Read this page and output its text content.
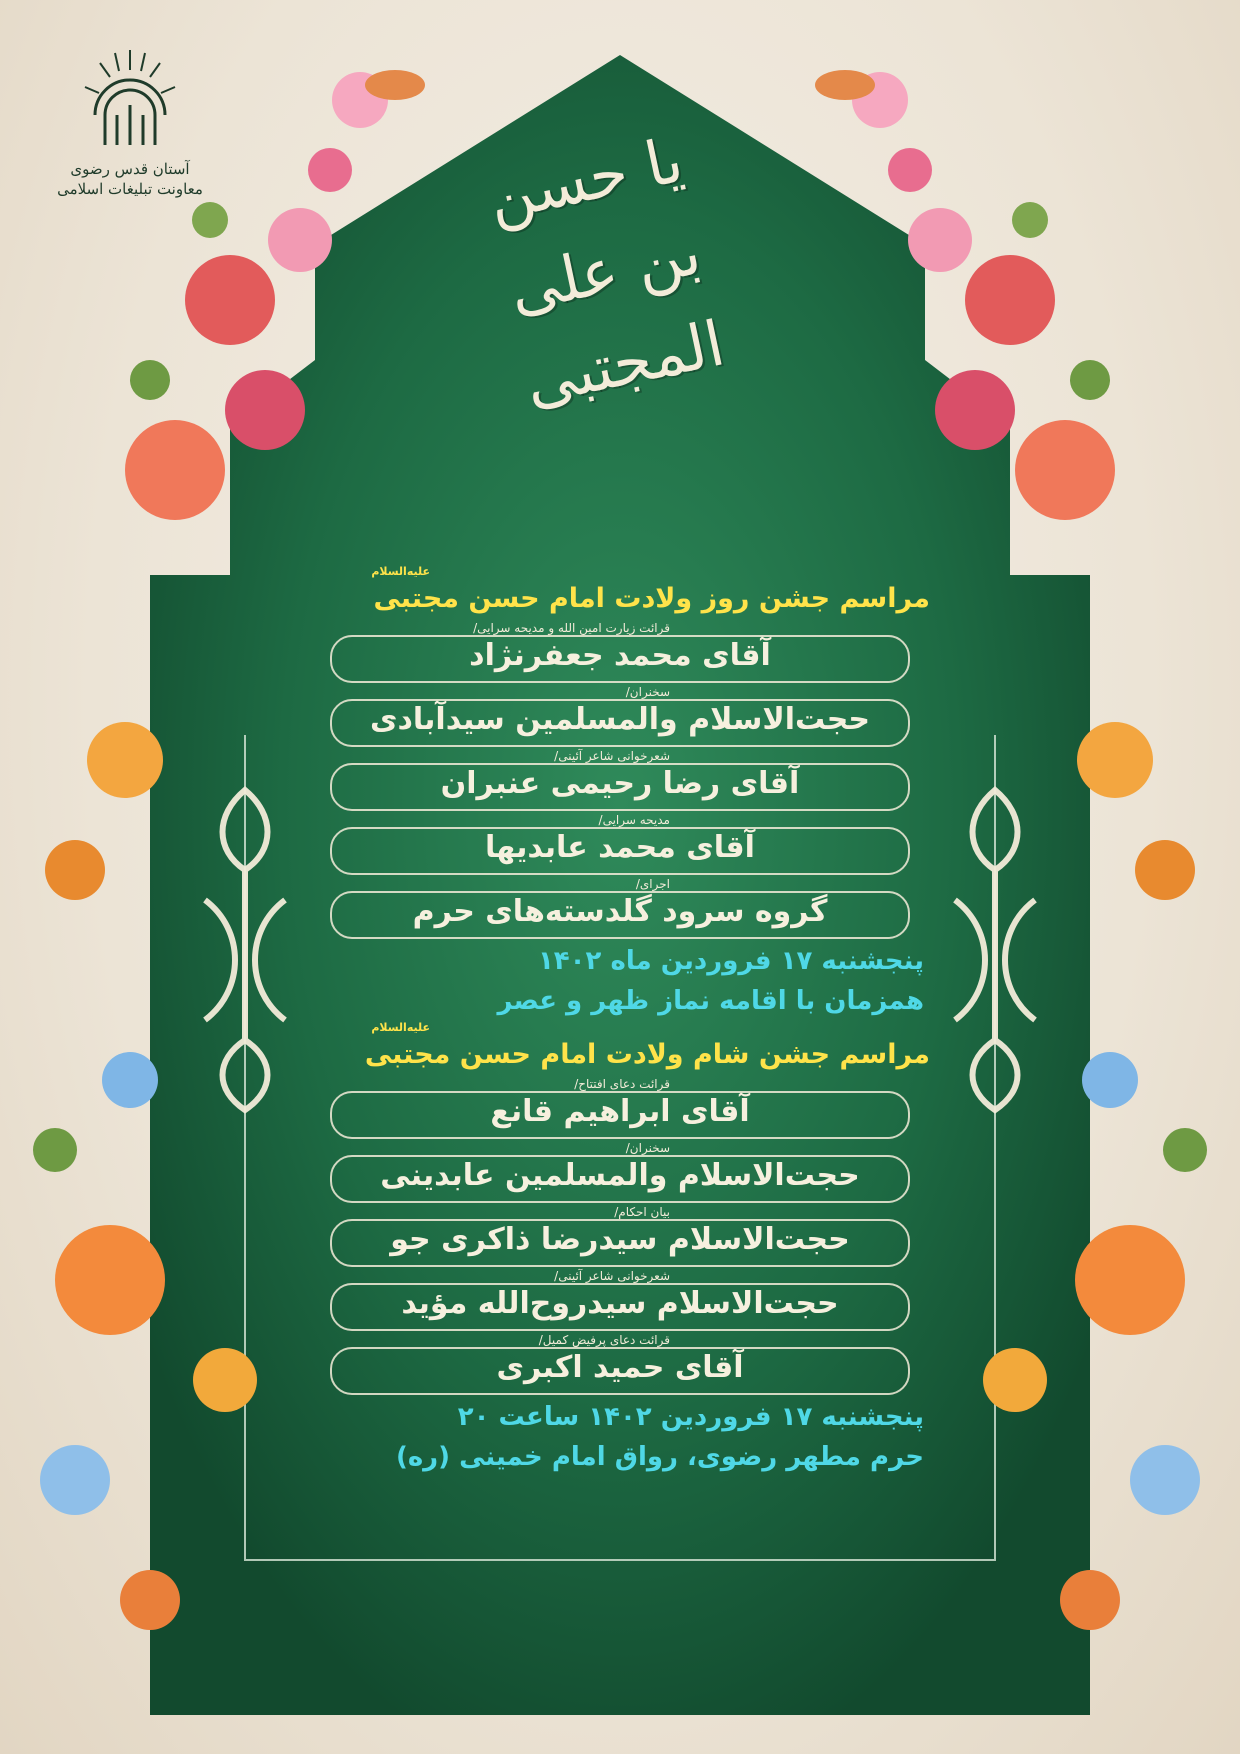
آستان قدس رضوی
معاونت تبلیغات اسلامی	یا حسن
بن علی
المجتبی
علیه‌السلام
مراسم جشن روز ولادت امام حسن مجتبی
قرائت زیارت امین الله و مدیحه سرایی/
آقای محمد جعفرنژاد
سخنران/
حجت‌الاسلام والمسلمین سیدآبادی
شعرخوانی شاعر آئینی/
آقای رضا رحیمی عنبران
مدیحه سرایی/
آقای محمد عابدیها
اجرای/
گروه سرود گلدسته‌های حرم
پنجشنبه ۱۷ فروردین ماه ۱۴۰۲
همزمان با اقامه نماز ظهر و عصر
علیه‌السلام
مراسم جشن شام ولادت امام حسن مجتبی
قرائت دعای افتتاح/
آقای ابراهیم قانع
سخنران/
حجت‌الاسلام والمسلمین عابدینی
بیان احکام/
حجت‌الاسلام سیدرضا ذاکری جو
شعرخوانی شاعر آئینی/
حجت‌الاسلام سیدروح‌الله مؤید
قرائت دعای پرفیض کمیل/
آقای حمید اکبری
پنجشنبه ۱۷ فروردین ۱۴۰۲ ساعت ۲۰
حرم مطهر رضوی، رواق امام خمینی (ره)
